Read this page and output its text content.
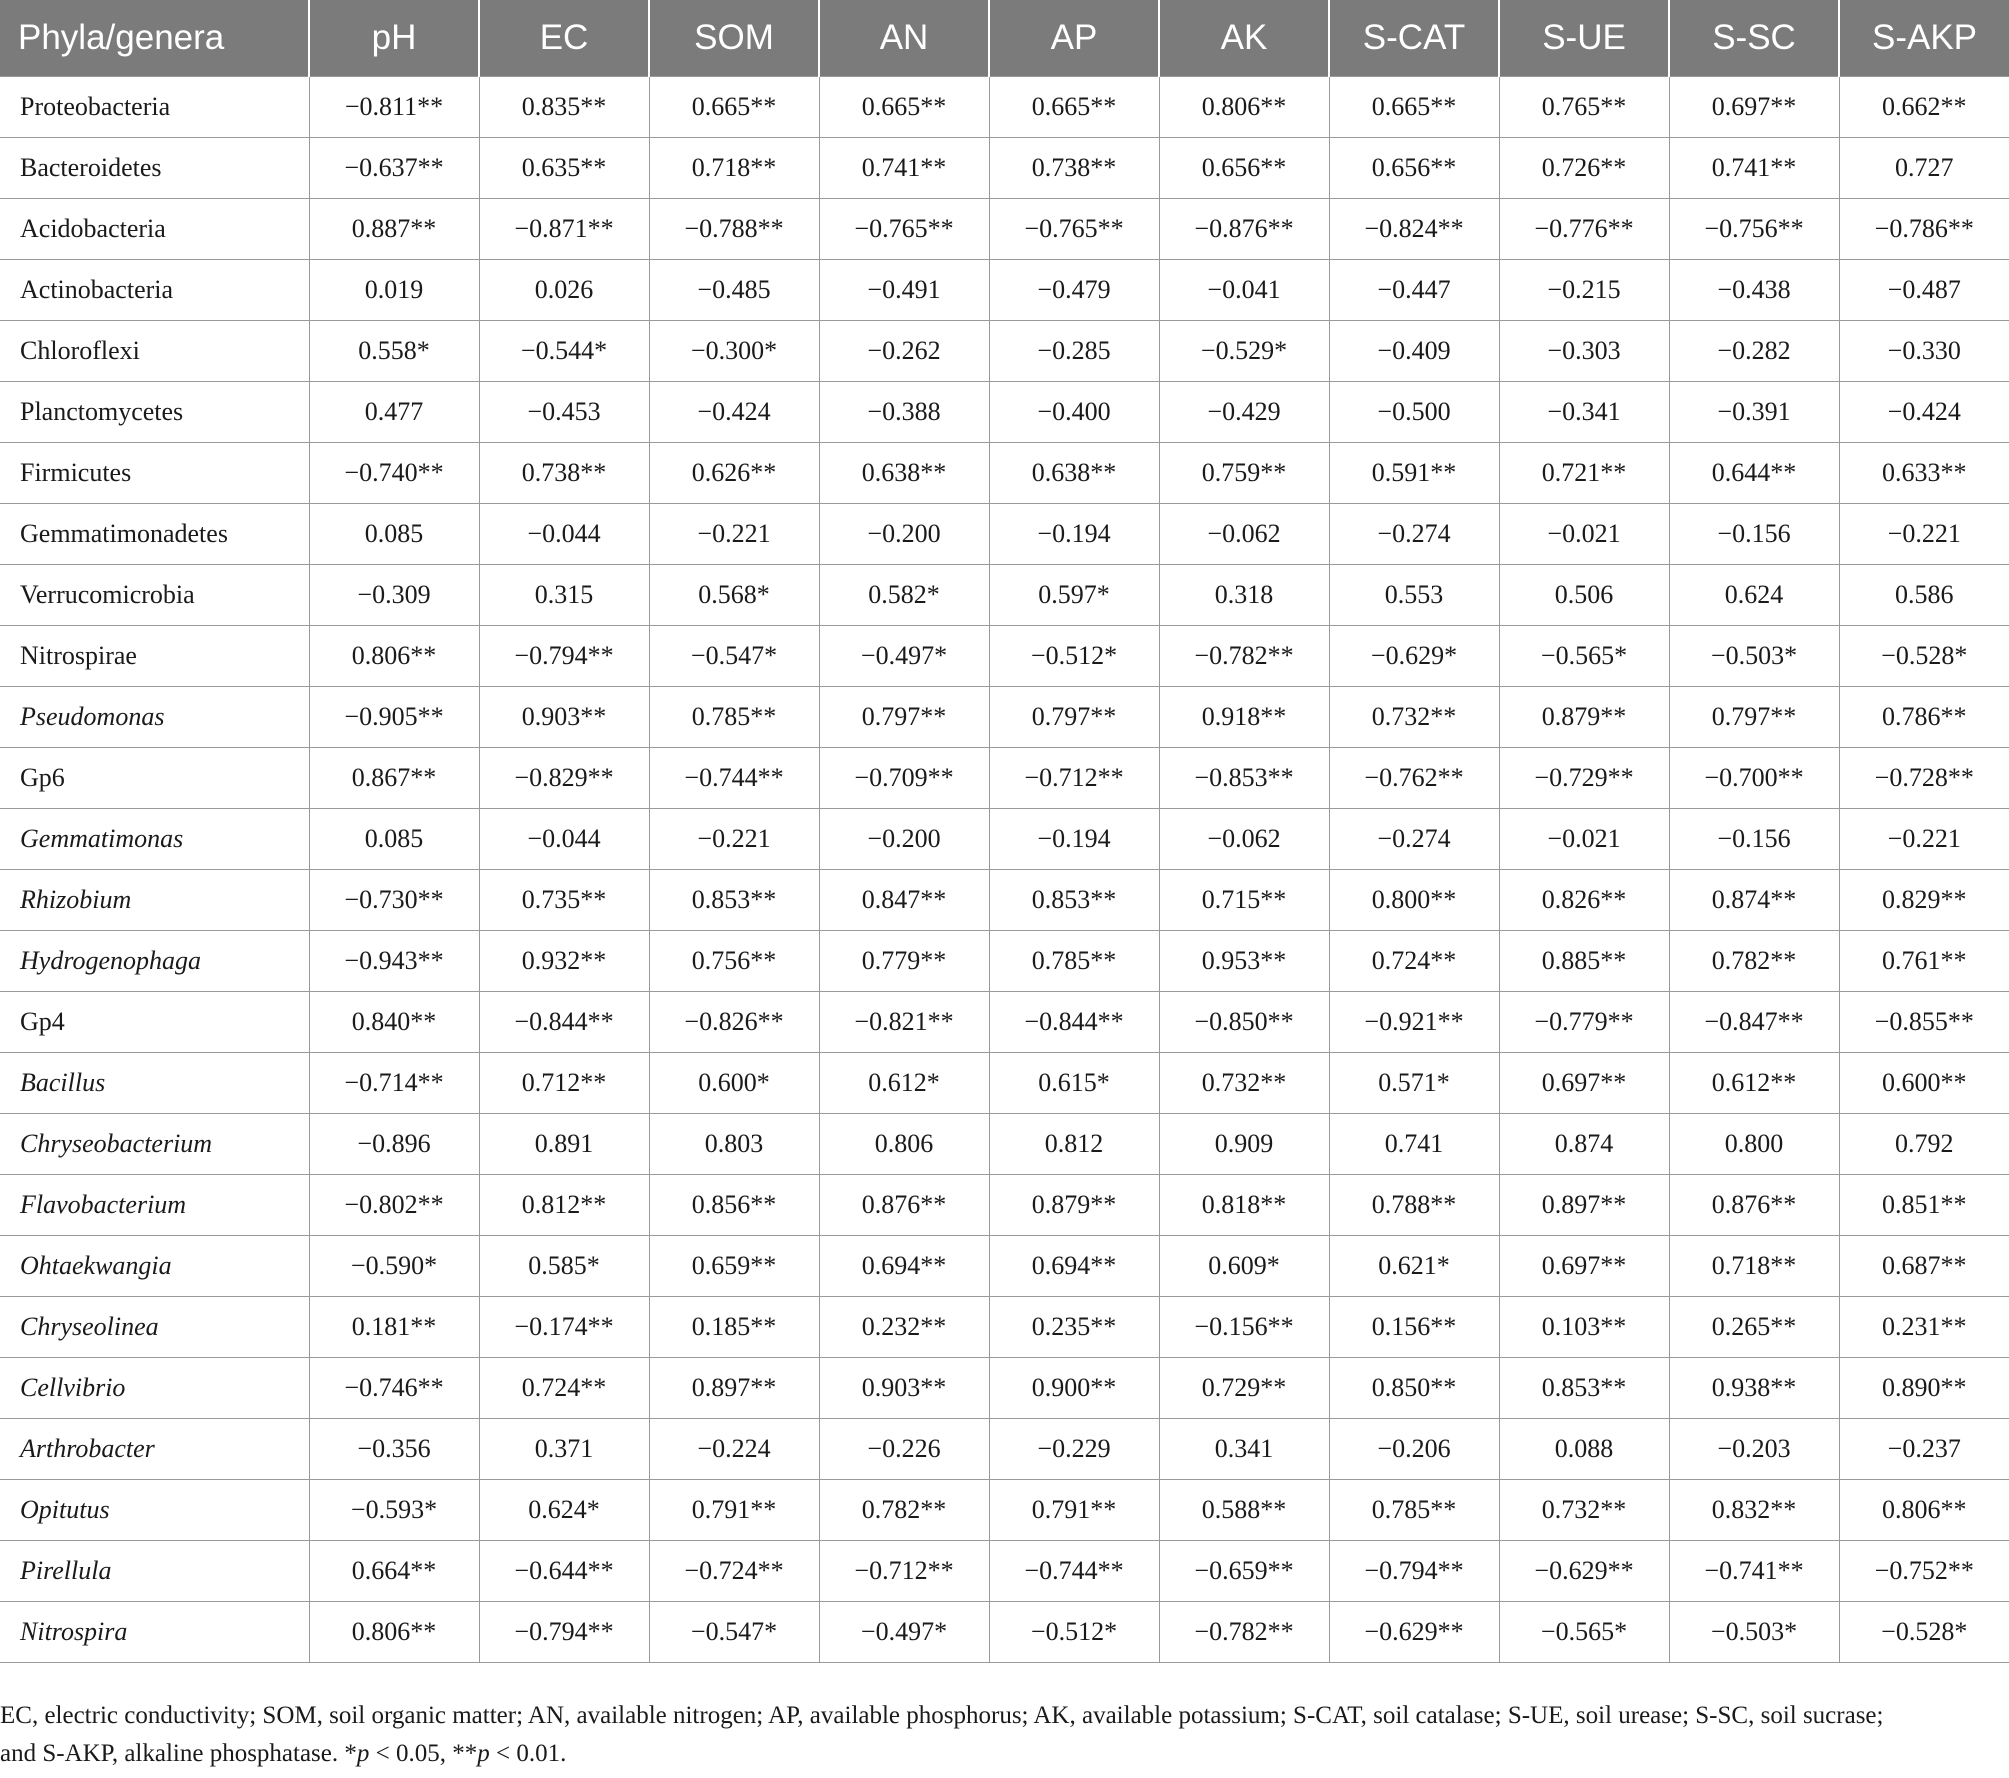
Phyla/genera	pH	EC	SOM	AN	AP	AK	S-CAT	S-UE	S-SC	S-AKP
Proteobacteria	−0.811**	0.835**	0.665**	0.665**	0.665**	0.806**	0.665**	0.765**	0.697**	0.662**
Bacteroidetes	−0.637**	0.635**	0.718**	0.741**	0.738**	0.656**	0.656**	0.726**	0.741**	0.727
Acidobacteria	0.887**	−0.871**	−0.788**	−0.765**	−0.765**	−0.876**	−0.824**	−0.776**	−0.756**	−0.786**
Actinobacteria	0.019	0.026	−0.485	−0.491	−0.479	−0.041	−0.447	−0.215	−0.438	−0.487
Chloroflexi	0.558*	−0.544*	−0.300*	−0.262	−0.285	−0.529*	−0.409	−0.303	−0.282	−0.330
Planctomycetes	0.477	−0.453	−0.424	−0.388	−0.400	−0.429	−0.500	−0.341	−0.391	−0.424
Firmicutes	−0.740**	0.738**	0.626**	0.638**	0.638**	0.759**	0.591**	0.721**	0.644**	0.633**
Gemmatimonadetes	0.085	−0.044	−0.221	−0.200	−0.194	−0.062	−0.274	−0.021	−0.156	−0.221
Verrucomicrobia	−0.309	0.315	0.568*	0.582*	0.597*	0.318	0.553	0.506	0.624	0.586
Nitrospirae	0.806**	−0.794**	−0.547*	−0.497*	−0.512*	−0.782**	−0.629*	−0.565*	−0.503*	−0.528*
Pseudomonas	−0.905**	0.903**	0.785**	0.797**	0.797**	0.918**	0.732**	0.879**	0.797**	0.786**
Gp6	0.867**	−0.829**	−0.744**	−0.709**	−0.712**	−0.853**	−0.762**	−0.729**	−0.700**	−0.728**
Gemmatimonas	0.085	−0.044	−0.221	−0.200	−0.194	−0.062	−0.274	−0.021	−0.156	−0.221
Rhizobium	−0.730**	0.735**	0.853**	0.847**	0.853**	0.715**	0.800**	0.826**	0.874**	0.829**
Hydrogenophaga	−0.943**	0.932**	0.756**	0.779**	0.785**	0.953**	0.724**	0.885**	0.782**	0.761**
Gp4	0.840**	−0.844**	−0.826**	−0.821**	−0.844**	−0.850**	−0.921**	−0.779**	−0.847**	−0.855**
Bacillus	−0.714**	0.712**	0.600*	0.612*	0.615*	0.732**	0.571*	0.697**	0.612**	0.600**
Chryseobacterium	−0.896	0.891	0.803	0.806	0.812	0.909	0.741	0.874	0.800	0.792
Flavobacterium	−0.802**	0.812**	0.856**	0.876**	0.879**	0.818**	0.788**	0.897**	0.876**	0.851**
Ohtaekwangia	−0.590*	0.585*	0.659**	0.694**	0.694**	0.609*	0.621*	0.697**	0.718**	0.687**
Chryseolinea	0.181**	−0.174**	0.185**	0.232**	0.235**	−0.156**	0.156**	0.103**	0.265**	0.231**
Cellvibrio	−0.746**	0.724**	0.897**	0.903**	0.900**	0.729**	0.850**	0.853**	0.938**	0.890**
Arthrobacter	−0.356	0.371	−0.224	−0.226	−0.229	0.341	−0.206	0.088	−0.203	−0.237
Opitutus	−0.593*	0.624*	0.791**	0.782**	0.791**	0.588**	0.785**	0.732**	0.832**	0.806**
Pirellula	0.664**	−0.644**	−0.724**	−0.712**	−0.744**	−0.659**	−0.794**	−0.629**	−0.741**	−0.752**
Nitrospira	0.806**	−0.794**	−0.547*	−0.497*	−0.512*	−0.782**	−0.629**	−0.565*	−0.503*	−0.528*
EC, electric conductivity; SOM, soil organic matter; AN, available nitrogen; AP, available phosphorus; AK, available potassium; S-CAT, soil catalase; S-UE, soil urease; S-SC, soil sucrase;
and S-AKP, alkaline phosphatase. *p < 0.05, **p < 0.01.
